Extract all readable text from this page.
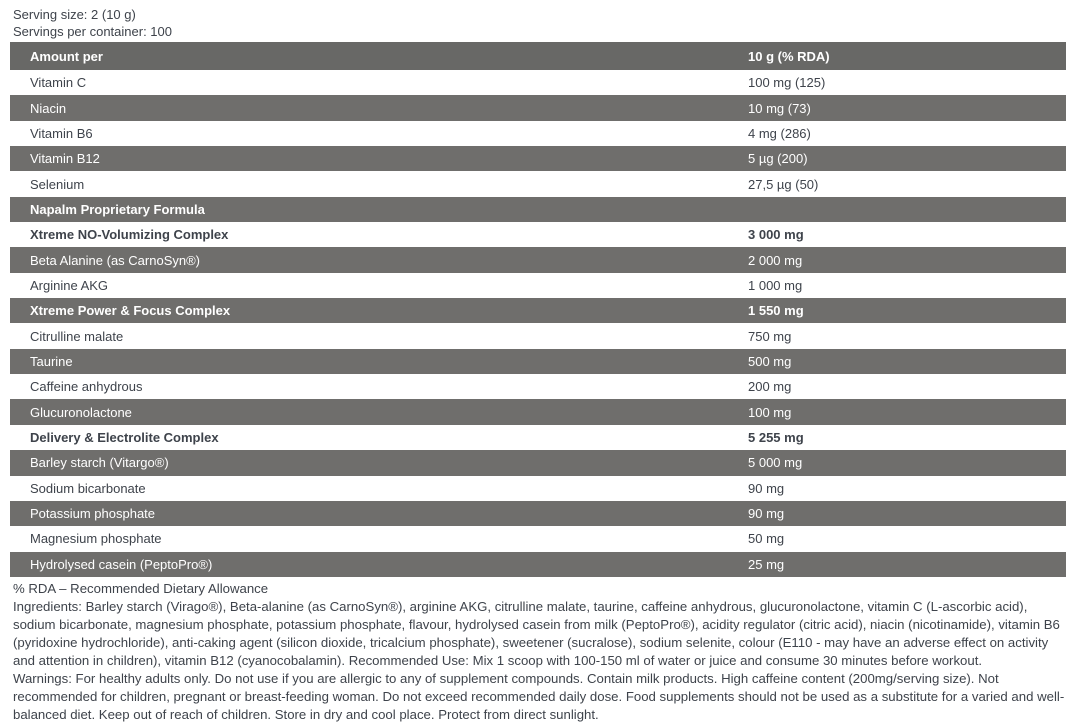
Serving size: 2 (10 g)
Servings per container: 100
Amount per	10 g (% RDA)
Vitamin C	100 mg (125)
Niacin	10 mg (73)
Vitamin B6	4 mg (286)
Vitamin B12	5 µg (200)
Selenium	27,5 µg (50)
Napalm Proprietary Formula
Xtreme NO-Volumizing Complex	3 000 mg
Beta Alanine (as CarnoSyn®)	2 000 mg
Arginine AKG	1 000 mg
Xtreme Power & Focus Complex	1 550 mg
Citrulline malate	750 mg
Taurine	500 mg
Caffeine anhydrous	200 mg
Glucuronolactone	100 mg
Delivery & Electrolite Complex	5 255 mg
Barley starch (Vitargo®)	5 000 mg
Sodium bicarbonate	90 mg
Potassium phosphate	90 mg
Magnesium phosphate	50 mg
Hydrolysed casein (PeptoPro®)	25 mg

% RDA – Recommended Dietary Allowance

Ingredients: Barley starch (Virago®), Beta-alanine (as CarnoSyn®), arginine AKG, citrulline malate, taurine, caffeine anhydrous, glucuronolactone, vitamin C (L-ascorbic acid), sodium bicarbonate, magnesium phosphate, potassium phosphate, flavour, hydrolysed casein from milk (PeptoPro®), acidity regulator (citric acid), niacin (nicotinamide), vitamin B6 (pyridoxine hydrochloride), anti-caking agent (silicon dioxide, tricalcium phosphate), sweetener (sucralose), sodium selenite, colour (E110 - may have an adverse effect on activity and attention in children), vitamin B12 (cyanocobalamin). Recommended Use: Mix 1 scoop with 100-150 ml of water or juice and consume 30 minutes before workout.

Warnings: For healthy adults only. Do not use if you are allergic to any of supplement compounds. Contain milk products. High caffeine content (200mg/serving size). Not recommended for children, pregnant or breast-feeding woman. Do not exceed recommended daily dose. Food supplements should not be used as a substitute for a varied and well-balanced diet. Keep out of reach of children. Store in dry and cool place. Protect from direct sunlight.
